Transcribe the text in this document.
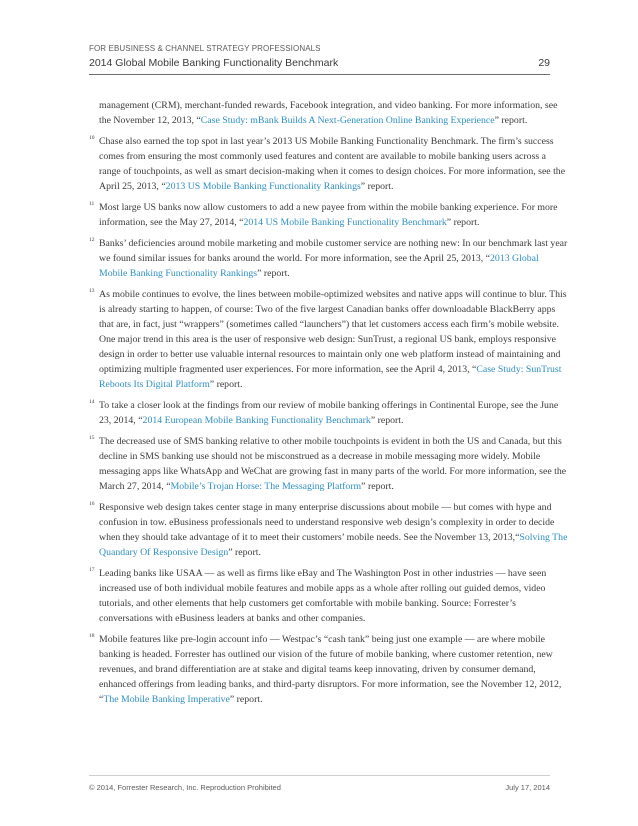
FOR EBUSINESS & CHANNEL STRATEGY PROFESSIONALS
2014 Global Mobile Banking Functionality Benchmark	29
management (CRM), merchant-funded rewards, Facebook integration, and video banking. For more information, see the November 12, 2013, “Case Study: mBank Builds A Next-Generation Online Banking Experience” report.
10 Chase also earned the top spot in last year’s 2013 US Mobile Banking Functionality Benchmark. The firm’s success comes from ensuring the most commonly used features and content are available to mobile banking users across a range of touchpoints, as well as smart decision-making when it comes to design choices. For more information, see the April 25, 2013, “2013 US Mobile Banking Functionality Rankings” report.
11 Most large US banks now allow customers to add a new payee from within the mobile banking experience. For more information, see the May 27, 2014, “2014 US Mobile Banking Functionality Benchmark” report.
12 Banks’ deficiencies around mobile marketing and mobile customer service are nothing new: In our benchmark last year we found similar issues for banks around the world. For more information, see the April 25, 2013, “2013 Global Mobile Banking Functionality Rankings” report.
13 As mobile continues to evolve, the lines between mobile-optimized websites and native apps will continue to blur. This is already starting to happen, of course: Two of the five largest Canadian banks offer downloadable BlackBerry apps that are, in fact, just “wrappers” (sometimes called “launchers”) that let customers access each firm’s mobile website. One major trend in this area is the user of responsive web design: SunTrust, a regional US bank, employs responsive design in order to better use valuable internal resources to maintain only one web platform instead of maintaining and optimizing multiple fragmented user experiences. For more information, see the April 4, 2013, “Case Study: SunTrust Reboots Its Digital Platform” report.
14 To take a closer look at the findings from our review of mobile banking offerings in Continental Europe, see the June 23, 2014, “2014 European Mobile Banking Functionality Benchmark” report.
15 The decreased use of SMS banking relative to other mobile touchpoints is evident in both the US and Canada, but this decline in SMS banking use should not be misconstrued as a decrease in mobile messaging more widely. Mobile messaging apps like WhatsApp and WeChat are growing fast in many parts of the world. For more information, see the March 27, 2014, “Mobile’s Trojan Horse: The Messaging Platform” report.
16 Responsive web design takes center stage in many enterprise discussions about mobile — but comes with hype and confusion in tow. eBusiness professionals need to understand responsive web design’s complexity in order to decide when they should take advantage of it to meet their customers’ mobile needs. See the November 13, 2013,“Solving The Quandary Of Responsive Design” report.
17 Leading banks like USAA — as well as firms like eBay and The Washington Post in other industries — have seen increased use of both individual mobile features and mobile apps as a whole after rolling out guided demos, video tutorials, and other elements that help customers get comfortable with mobile banking. Source: Forrester’s conversations with eBusiness leaders at banks and other companies.
18 Mobile features like pre-login account info — Westpac’s “cash tank” being just one example — are where mobile banking is headed. Forrester has outlined our vision of the future of mobile banking, where customer retention, new revenues, and brand differentiation are at stake and digital teams keep innovating, driven by consumer demand, enhanced offerings from leading banks, and third-party disruptors. For more information, see the November 12, 2012, “The Mobile Banking Imperative” report.
© 2014, Forrester Research, Inc. Reproduction Prohibited	July 17, 2014
